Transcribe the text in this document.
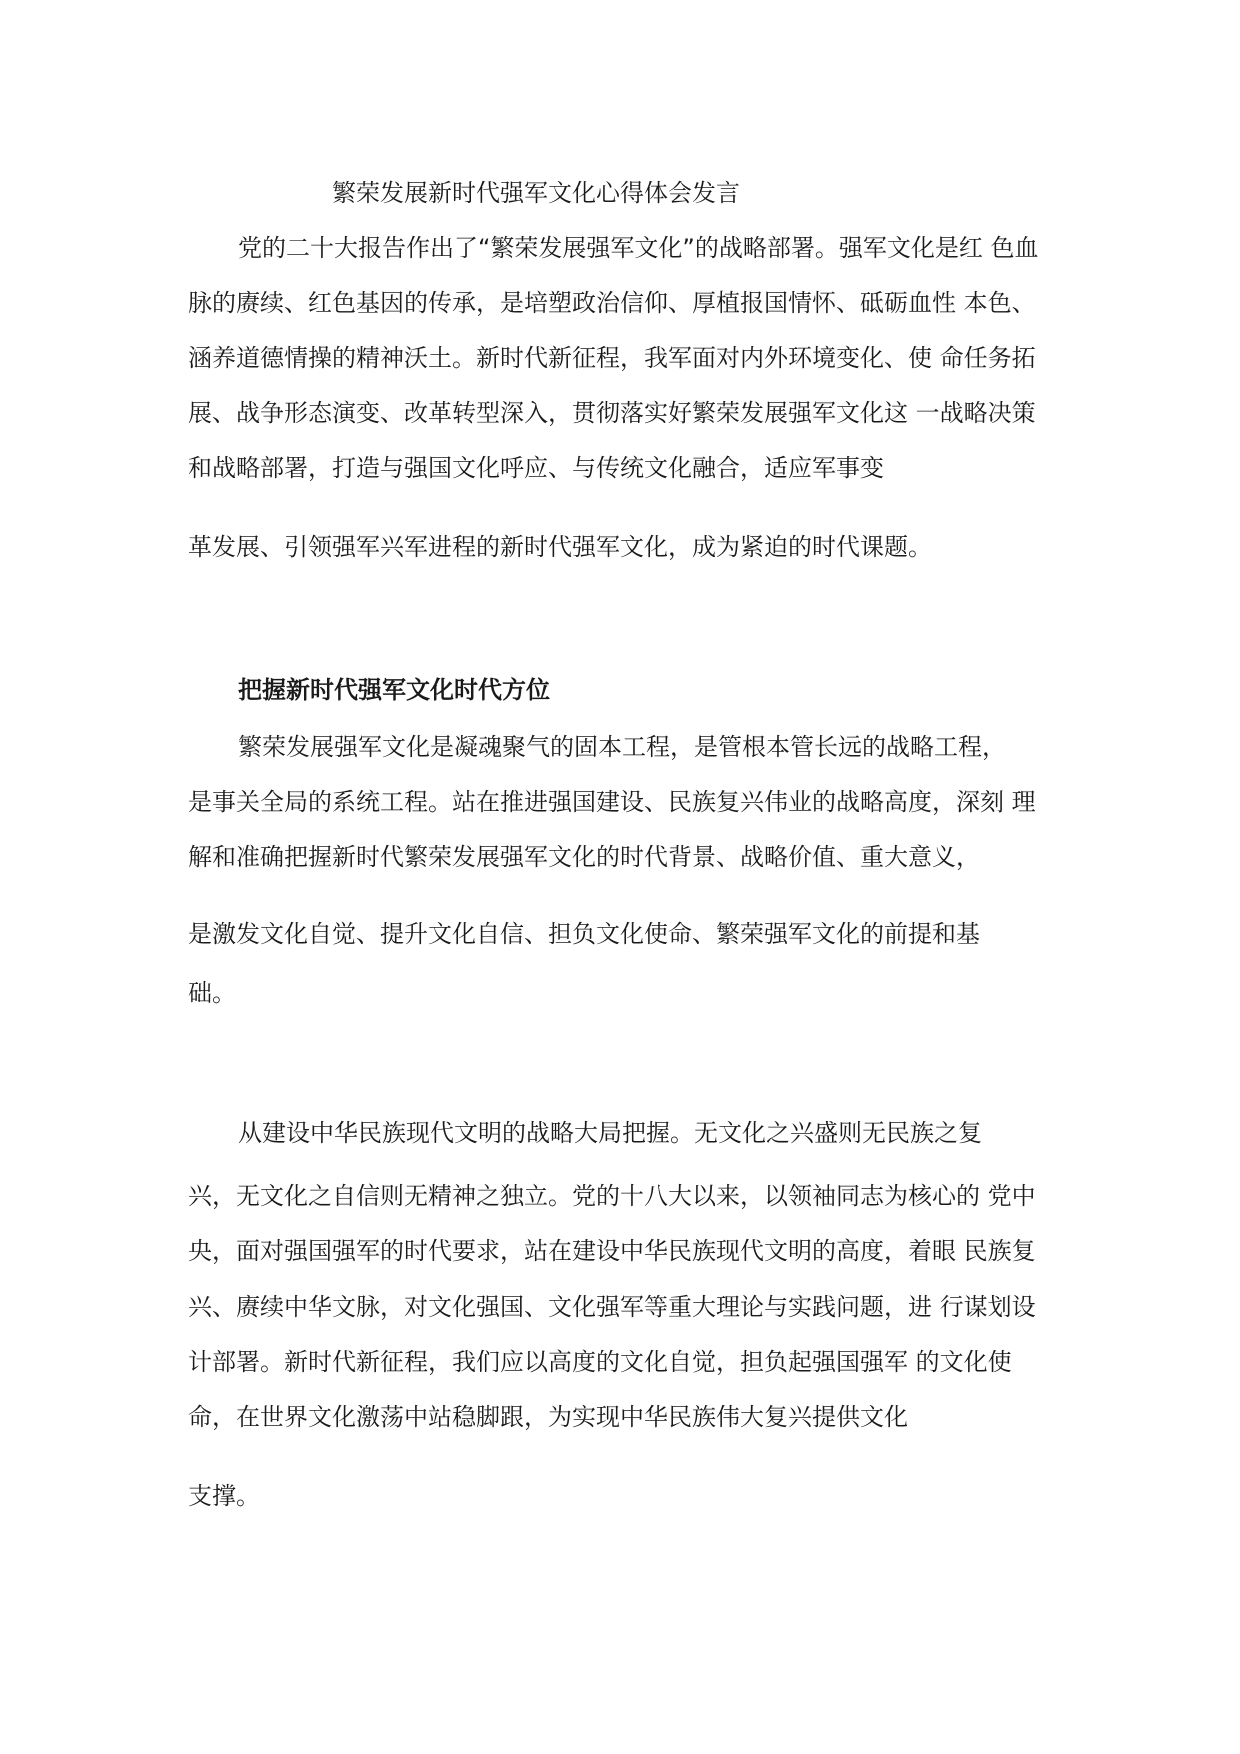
繁荣发展新时代强军文化心得体会发言
党的二十大报告作出了“繁荣发展强军文化”的战略部署。强军文化是红 色血
脉的赓续、红色基因的传承，是培塑政治信仰、厚植报国情怀、砥砺血性 本色、
涵养道德情操的精神沃土。新时代新征程，我军面对内外环境变化、使 命任务拓
展、战争形态演变、改革转型深入，贯彻落实好繁荣发展强军文化这 一战略决策
和战略部署，打造与强国文化呼应、与传统文化融合，适应军事变
革发展、引领强军兴军进程的新时代强军文化，成为紧迫的时代课题。
把握新时代强军文化时代方位
繁荣发展强军文化是凝魂聚气的固本工程，是管根本管长远的战略工程，
是事关全局的系统工程。站在推进强国建设、民族复兴伟业的战略高度，深刻 理
解和准确把握新时代繁荣发展强军文化的时代背景、战略价值、重大意义，
是激发文化自觉、提升文化自信、担负文化使命、繁荣强军文化的前提和基
础。
从建设中华民族现代文明的战略大局把握。无文化之兴盛则无民族之复
兴，无文化之自信则无精神之独立。党的十八大以来，以领袖同志为核心的 党中
央，面对强国强军的时代要求，站在建设中华民族现代文明的高度，着眼 民族复
兴、赓续中华文脉，对文化强国、文化强军等重大理论与实践问题，进 行谋划设
计部署。新时代新征程，我们应以高度的文化自觉，担负起强国强军 的文化使
命，在世界文化激荡中站稳脚跟，为实现中华民族伟大复兴提供文化
支撑。
